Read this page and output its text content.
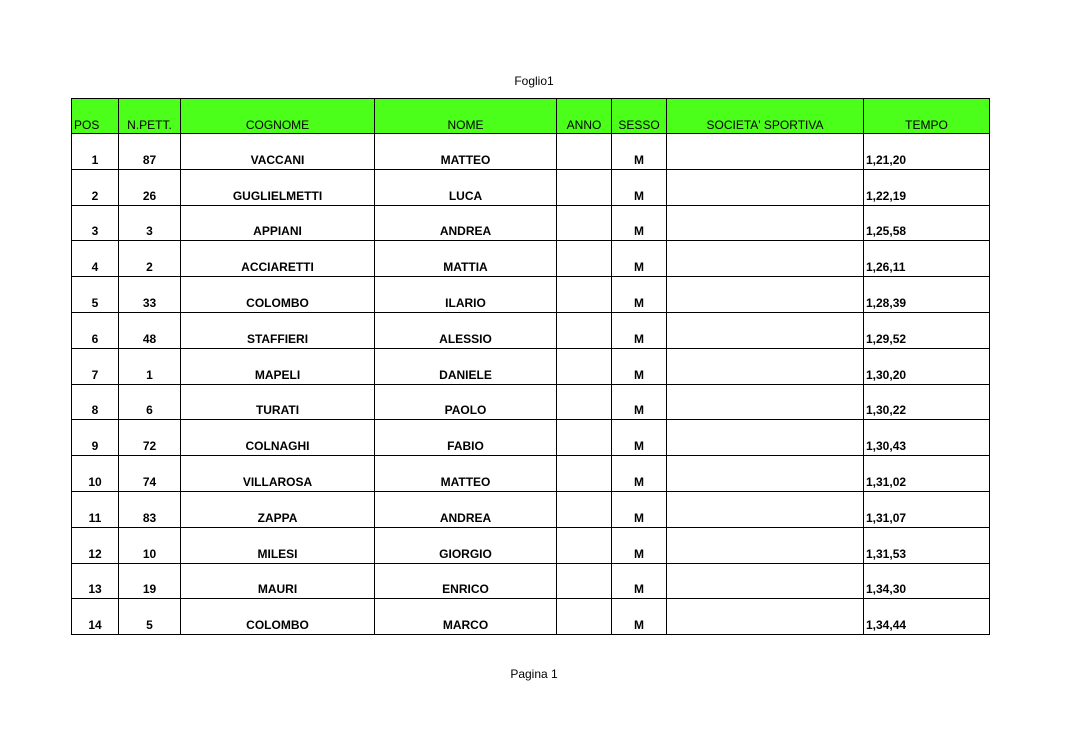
Foglio1
POS	N.PETT.	COGNOME	NOME	ANNO	SESSO	SOCIETA' SPORTIVA	TEMPO
1	87	VACCANI	MATTEO		M		1,21,20
2	26	GUGLIELMETTI	LUCA		M		1,22,19
3	3	APPIANI	ANDREA		M		1,25,58
4	2	ACCIARETTI	MATTIA		M		1,26,11
5	33	COLOMBO	ILARIO		M		1,28,39
6	48	STAFFIERI	ALESSIO		M		1,29,52
7	1	MAPELI	DANIELE		M		1,30,20
8	6	TURATI	PAOLO		M		1,30,22
9	72	COLNAGHI	FABIO		M		1,30,43
10	74	VILLAROSA	MATTEO		M		1,31,02
11	83	ZAPPA	ANDREA		M		1,31,07
12	10	MILESI	GIORGIO		M		1,31,53
13	19	MAURI	ENRICO		M		1,34,30
14	5	COLOMBO	MARCO		M		1,34,44
Pagina 1
